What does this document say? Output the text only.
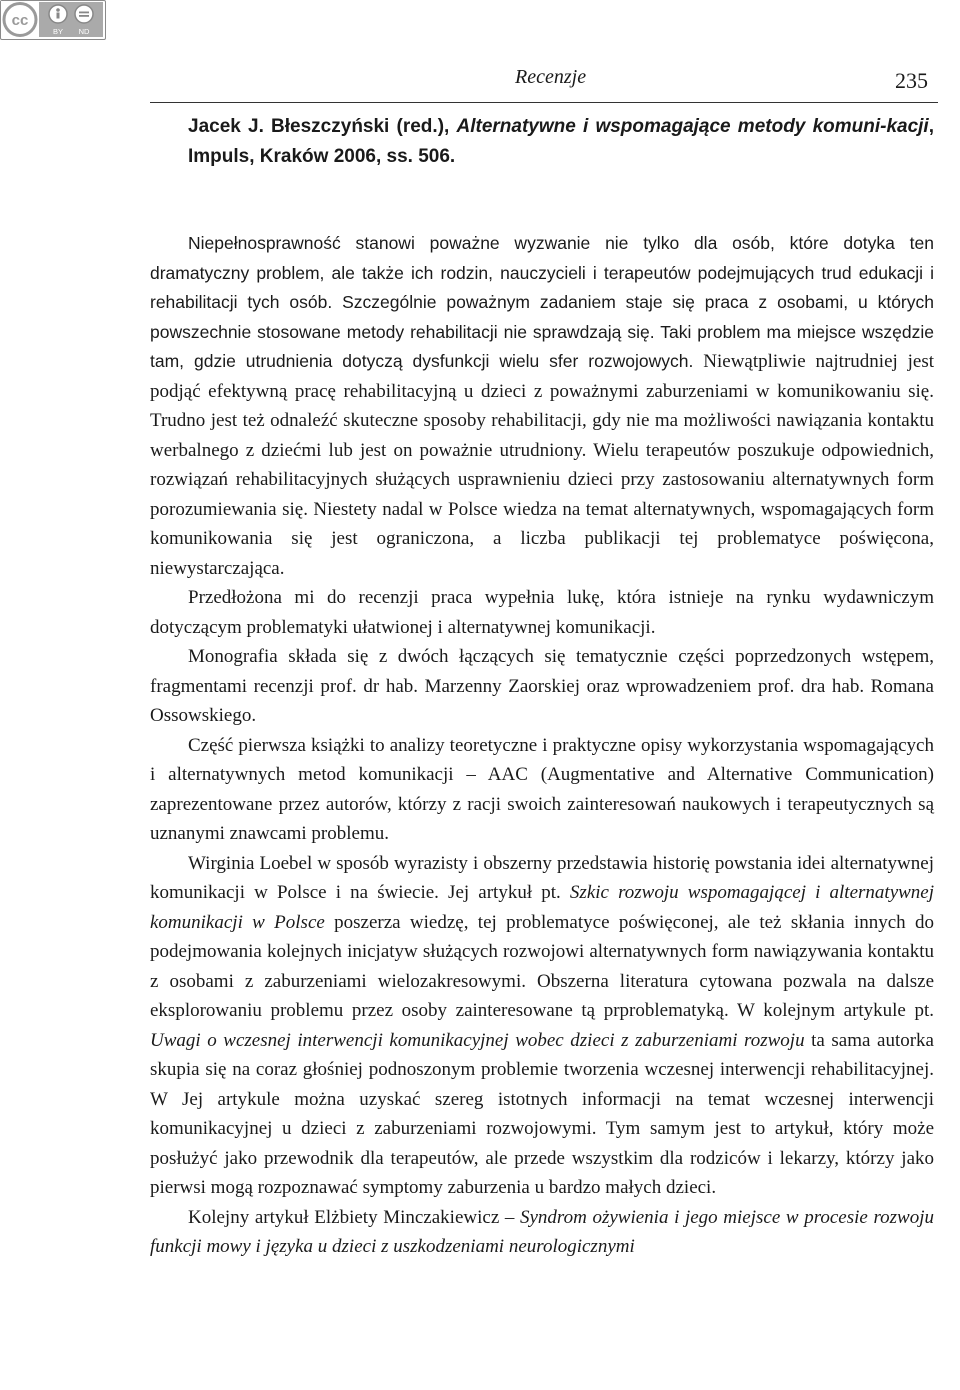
cc
BY ND
Recenzje	235
Jacek J. Błeszczyński (red.), Alternatywne i wspomagające metody komuni-kacji, Impuls, Kraków 2006, ss. 506.

Niepełnosprawność stanowi poważne wyzwanie nie tylko dla osób, które dotyka ten dramatyczny problem, ale także ich rodzin, nauczycieli i terapeutów podejmujących trud edukacji i rehabilitacji tych osób. Szczególnie poważnym zadaniem staje się praca z osobami, u których powszechnie stosowane metody rehabilitacji nie sprawdzają się. Taki problem ma miejsce wszędzie tam, gdzie utrudnienia dotyczą dysfunkcji wielu sfer rozwojowych. Niewątpliwie najtrudniej jest podjąć efektywną pracę rehabilitacyjną u dzieci z poważnymi zaburzeniami w komunikowaniu się. Trudno jest też odnaleźć skuteczne sposoby rehabilitacji, gdy nie ma możliwości nawiązania kontaktu werbalnego z dziećmi lub jest on poważnie utrudniony. Wielu terapeutów poszukuje odpowiednich, rozwiązań rehabilitacyjnych służących usprawnieniu dzieci przy zastosowaniu alternatywnych form porozumiewania się. Niestety nadal w Polsce wiedza na temat alternatywnych, wspomagających form komunikowania się jest ograniczona, a liczba publikacji tej problematyce poświęcona, niewystarczająca.

Przedłożona mi do recenzji praca wypełnia lukę, która istnieje na rynku wydawniczym dotyczącym problematyki ułatwionej i alternatywnej komunikacji.

Monografia składa się z dwóch łączących się tematycznie części poprzedzonych wstępem, fragmentami recenzji prof. dr hab. Marzenny Zaorskiej oraz wprowadzeniem prof. dra hab. Romana Ossowskiego.

Część pierwsza książki to analizy teoretyczne i praktyczne opisy wykorzystania wspomagających i alternatywnych metod komunikacji – AAC (Augmentative and Alternative Communication) zaprezentowane przez autorów, którzy z racji swoich zainteresowań naukowych i terapeutycznych są uznanymi znawcami problemu.

Wirginia Loebel w sposób wyrazisty i obszerny przedstawia historię powstania idei alternatywnej komunikacji w Polsce i na świecie. Jej artykuł pt. Szkic rozwoju wspomagającej i alternatywnej komunikacji w Polsce poszerza wiedzę, tej problematyce poświęconej, ale też skłania innych do podejmowania kolejnych inicjatyw służących rozwojowi alternatywnych form nawiązywania kontaktu z osobami z zaburzeniami wielozakresowymi. Obszerna literatura cytowana pozwala na dalsze eksplorowaniu problemu przez osoby zainteresowane tą prproblematyką. W kolejnym artykule pt. Uwagi o wczesnej interwencji komunikacyjnej wobec dzieci z zaburzeniami rozwoju ta sama autorka skupia się na coraz głośniej podnoszonym problemie tworzenia wczesnej interwencji rehabilitacyjnej. W Jej artykule można uzyskać szereg istotnych informacji na temat wczesnej interwencji komunikacyjnej u dzieci z zaburzeniami rozwojowymi. Tym samym jest to artykuł, który może posłużyć jako przewodnik dla terapeutów, ale przede wszystkim dla rodziców i lekarzy, którzy jako pierwsi mogą rozpoznawać symptomy zaburzenia u bardzo małych dzieci.

Kolejny artykuł Elżbiety Minczakiewicz – Syndrom ożywienia i jego miejsce w procesie rozwoju funkcji mowy i języka u dzieci z uszkodzeniami neurologicznymi
